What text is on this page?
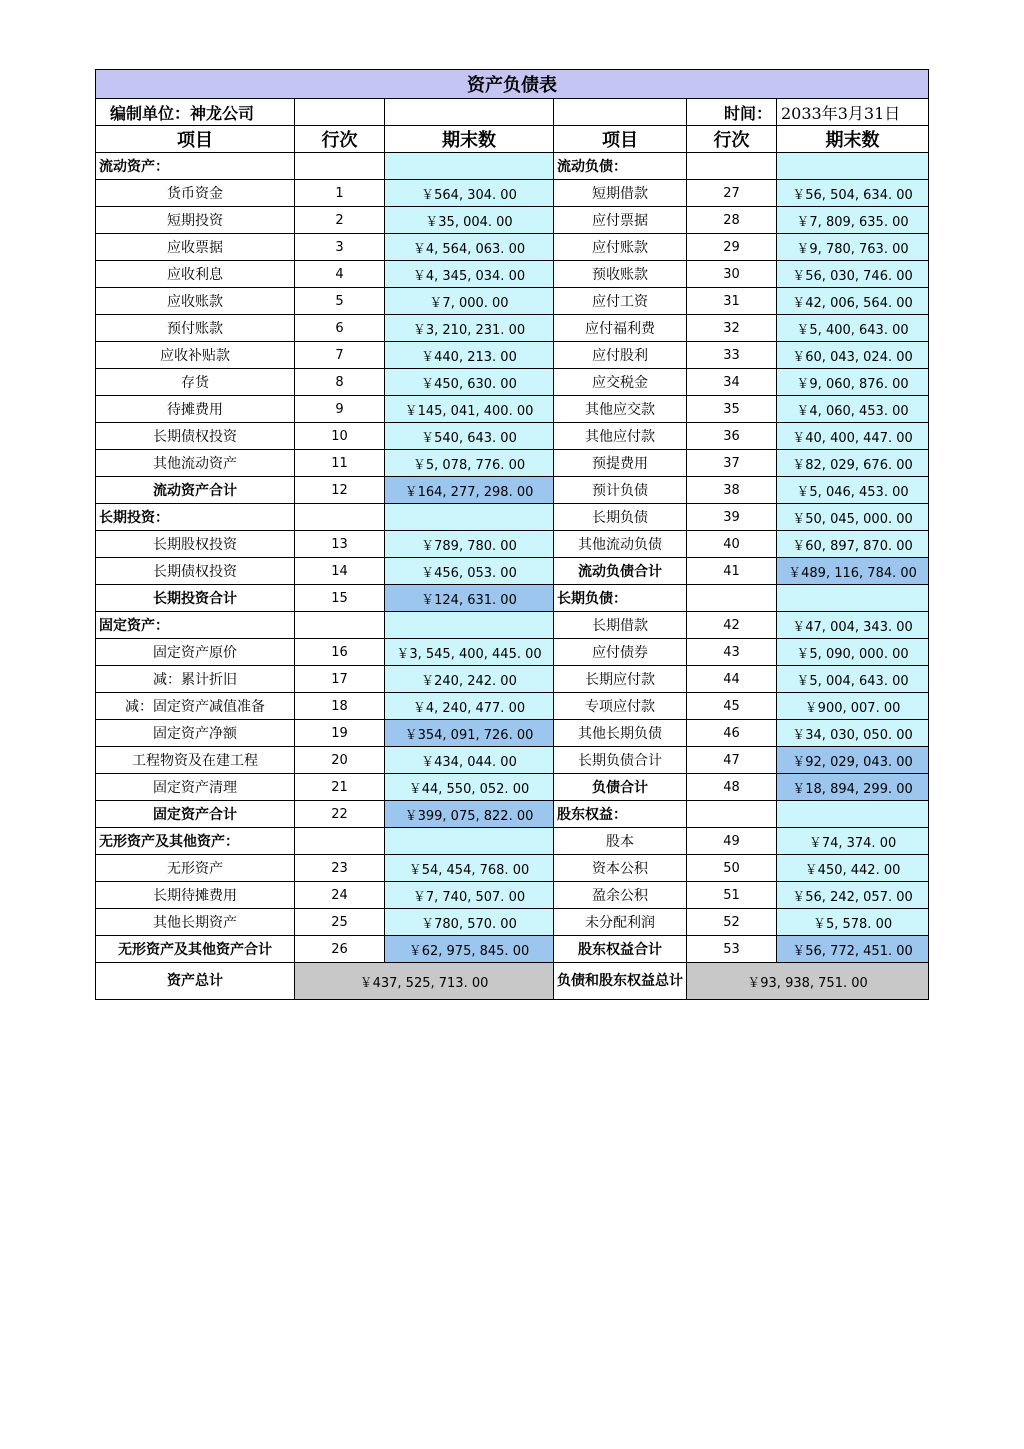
资产负债表					
编制单位：神龙公司				时间：	2033年3月31日
项目	行次	期末数	项目	行次	期末数
流动资产：			流动负债：		
货币资金	1	￥564, 304. 00	短期借款	27	￥56, 504, 634. 00
短期投资	2	￥35, 004. 00	应付票据	28	￥7, 809, 635. 00
应收票据	3	￥4, 564, 063. 00	应付账款	29	￥9, 780, 763. 00
应收利息	4	￥4, 345, 034. 00	预收账款	30	￥56, 030, 746. 00
应收账款	5	￥7, 000. 00	应付工资	31	￥42, 006, 564. 00
预付账款	6	￥3, 210, 231. 00	应付福利费	32	￥5, 400, 643. 00
应收补贴款	7	￥440, 213. 00	应付股利	33	￥60, 043, 024. 00
存货	8	￥450, 630. 00	应交税金	34	￥9, 060, 876. 00
待摊费用	9	￥145, 041, 400. 00	其他应交款	35	￥4, 060, 453. 00
长期债权投资	10	￥540, 643. 00	其他应付款	36	￥40, 400, 447. 00
其他流动资产	11	￥5, 078, 776. 00	预提费用	37	￥82, 029, 676. 00
流动资产合计	12	￥164, 277, 298. 00	预计负债	38	￥5, 046, 453. 00
长期投资：			长期负债	39	￥50, 045, 000. 00
长期股权投资	13	￥789, 780. 00	其他流动负债	40	￥60, 897, 870. 00
长期债权投资	14	￥456, 053. 00	流动负债合计	41	￥489, 116, 784. 00
长期投资合计	15	￥124, 631. 00	长期负债：		
固定资产：			长期借款	42	￥47, 004, 343. 00
固定资产原价	16	￥3, 545, 400, 445. 00	应付债券	43	￥5, 090, 000. 00
减：累计折旧	17	￥240, 242. 00	长期应付款	44	￥5, 004, 643. 00
减：固定资产减值准备	18	￥4, 240, 477. 00	专项应付款	45	￥900, 007. 00
固定资产净额	19	￥354, 091, 726. 00	其他长期负债	46	￥34, 030, 050. 00
工程物资及在建工程	20	￥434, 044. 00	长期负债合计	47	￥92, 029, 043. 00
固定资产清理	21	￥44, 550, 052. 00	负债合计	48	￥18, 894, 299. 00
固定资产合计	22	￥399, 075, 822. 00	股东权益：		
无形资产及其他资产：			股本	49	￥74, 374. 00
无形资产	23	￥54, 454, 768. 00	资本公积	50	￥450, 442. 00
长期待摊费用	24	￥7, 740, 507. 00	盈余公积	51	￥56, 242, 057. 00
其他长期资产	25	￥780, 570. 00	未分配利润	52	￥5, 578. 00
无形资产及其他资产合计	26	￥62, 975, 845. 00	股东权益合计	53	￥56, 772, 451. 00
资产总计	￥437, 525, 713. 00		负债和股东权益总计	￥93, 938, 751. 00	
